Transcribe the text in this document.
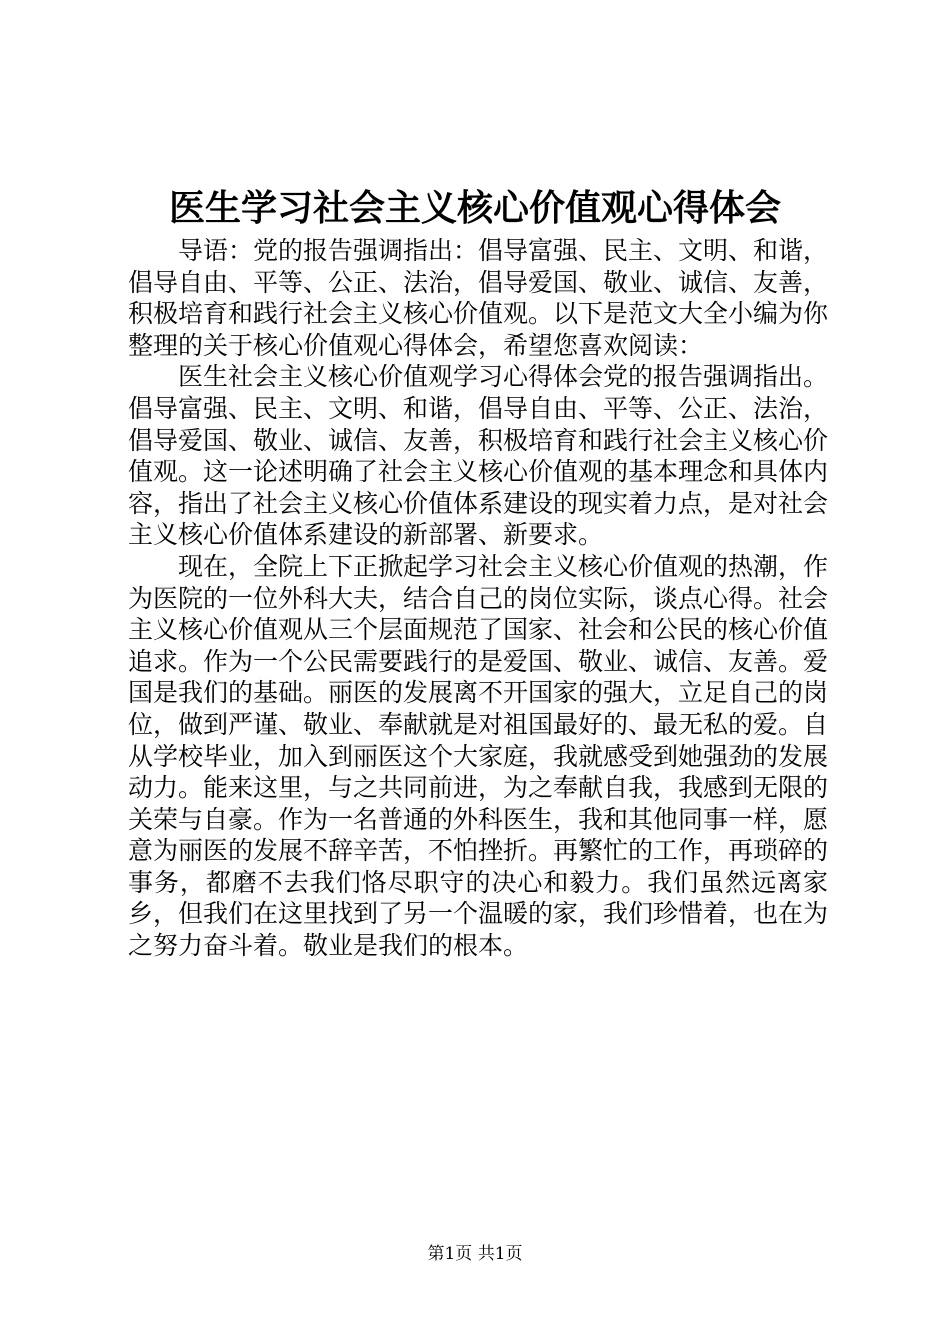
医生学习社会主义核心价值观心得体会

导语：党的报告强调指出：倡导富强、民主、文明、和谐，倡导自由、平等、公正、法治，倡导爱国、敬业、诚信、友善，积极培育和践行社会主义核心价值观。以下是范文大全小编为你整理的关于核心价值观心得体会，希望您喜欢阅读：

医生社会主义核心价值观学习心得体会党的报告强调指出。倡导富强、民主、文明、和谐，倡导自由、平等、公正、法治，倡导爱国、敬业、诚信、友善，积极培育和践行社会主义核心价值观。这一论述明确了社会主义核心价值观的基本理念和具体内容，指出了社会主义核心价值体系建设的现实着力点，是对社会主义核心价值体系建设的新部署、新要求。

现在，全院上下正掀起学习社会主义核心价值观的热潮，作为医院的一位外科大夫，结合自己的岗位实际，谈点心得。社会主义核心价值观从三个层面规范了国家、社会和公民的核心价值追求。作为一个公民需要践行的是爱国、敬业、诚信、友善。爱国是我们的基础。丽医的发展离不开国家的强大，立足自己的岗位，做到严谨、敬业、奉献就是对祖国最好的、最无私的爱。自从学校毕业，加入到丽医这个大家庭，我就感受到她强劲的发展动力。能来这里，与之共同前进，为之奉献自我，我感到无限的关荣与自豪。作为一名普通的外科医生，我和其他同事一样，愿意为丽医的发展不辞辛苦，不怕挫折。再繁忙的工作，再琐碎的事务，都磨不去我们恪尽职守的决心和毅力。我们虽然远离家乡，但我们在这里找到了另一个温暖的家，我们珍惜着，也在为之努力奋斗着。敬业是我们的根本。

第1页 共1页
